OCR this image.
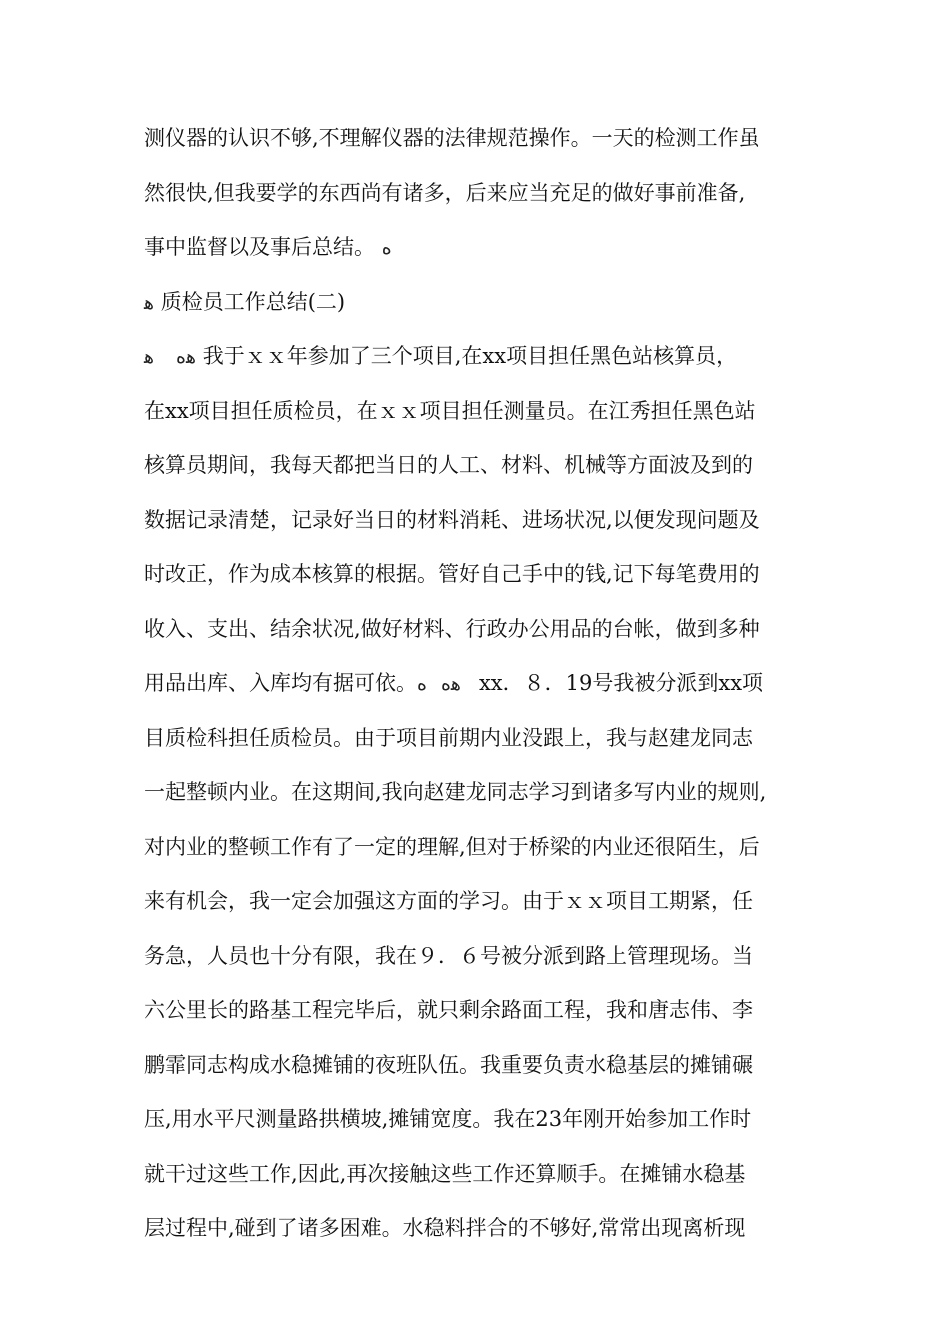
测仪器的认识不够,不理解仪器的法律规范操作。一天的检测工作虽
然很快,但我要学的东西尚有诸多，后来应当充足的做好事前准备,
事中监督以及事后总结。 ه
ﻫ 质检员工作总结(二)
ﻫهﻫ 我于ｘｘ年参加了三个项目,在xx项目担任黑色站核算员，
在xx项目担任质检员，在ｘｘ项目担任测量员。在江秀担任黑色站
核算员期间，我每天都把当日的人工、材料、机械等方面波及到的
数据记录清楚，记录好当日的材料消耗、进场状况,以便发现问题及
时改正，作为成本核算的根据。管好自己手中的钱,记下每笔费用的
收入、支出、结余状况,做好材料、行政办公用品的台帐，做到多种
用品出库、入库均有据可依。 ﻫهه xx．８．19号我被分派到xx项
目质检科担任质检员。由于项目前期内业没跟上，我与赵建龙同志
一起整顿内业。在这期间,我向赵建龙同志学习到诸多写内业的规则,
对内业的整顿工作有了一定的理解,但对于桥梁的内业还很陌生，后
来有机会，我一定会加强这方面的学习。由于ｘｘ项目工期紧，任
务急，人员也十分有限，我在９．６号被分派到路上管理现场。当
六公里长的路基工程完毕后，就只剩余路面工程，我和唐志伟、李
鹏霏同志构成水稳摊铺的夜班队伍。我重要负责水稳基层的摊铺碾
压,用水平尺测量路拱横坡,摊铺宽度。我在23年刚开始参加工作时
就干过这些工作,因此,再次接触这些工作还算顺手。在摊铺水稳基
层过程中,碰到了诸多困难。水稳料拌合的不够好,常常出现离析现
